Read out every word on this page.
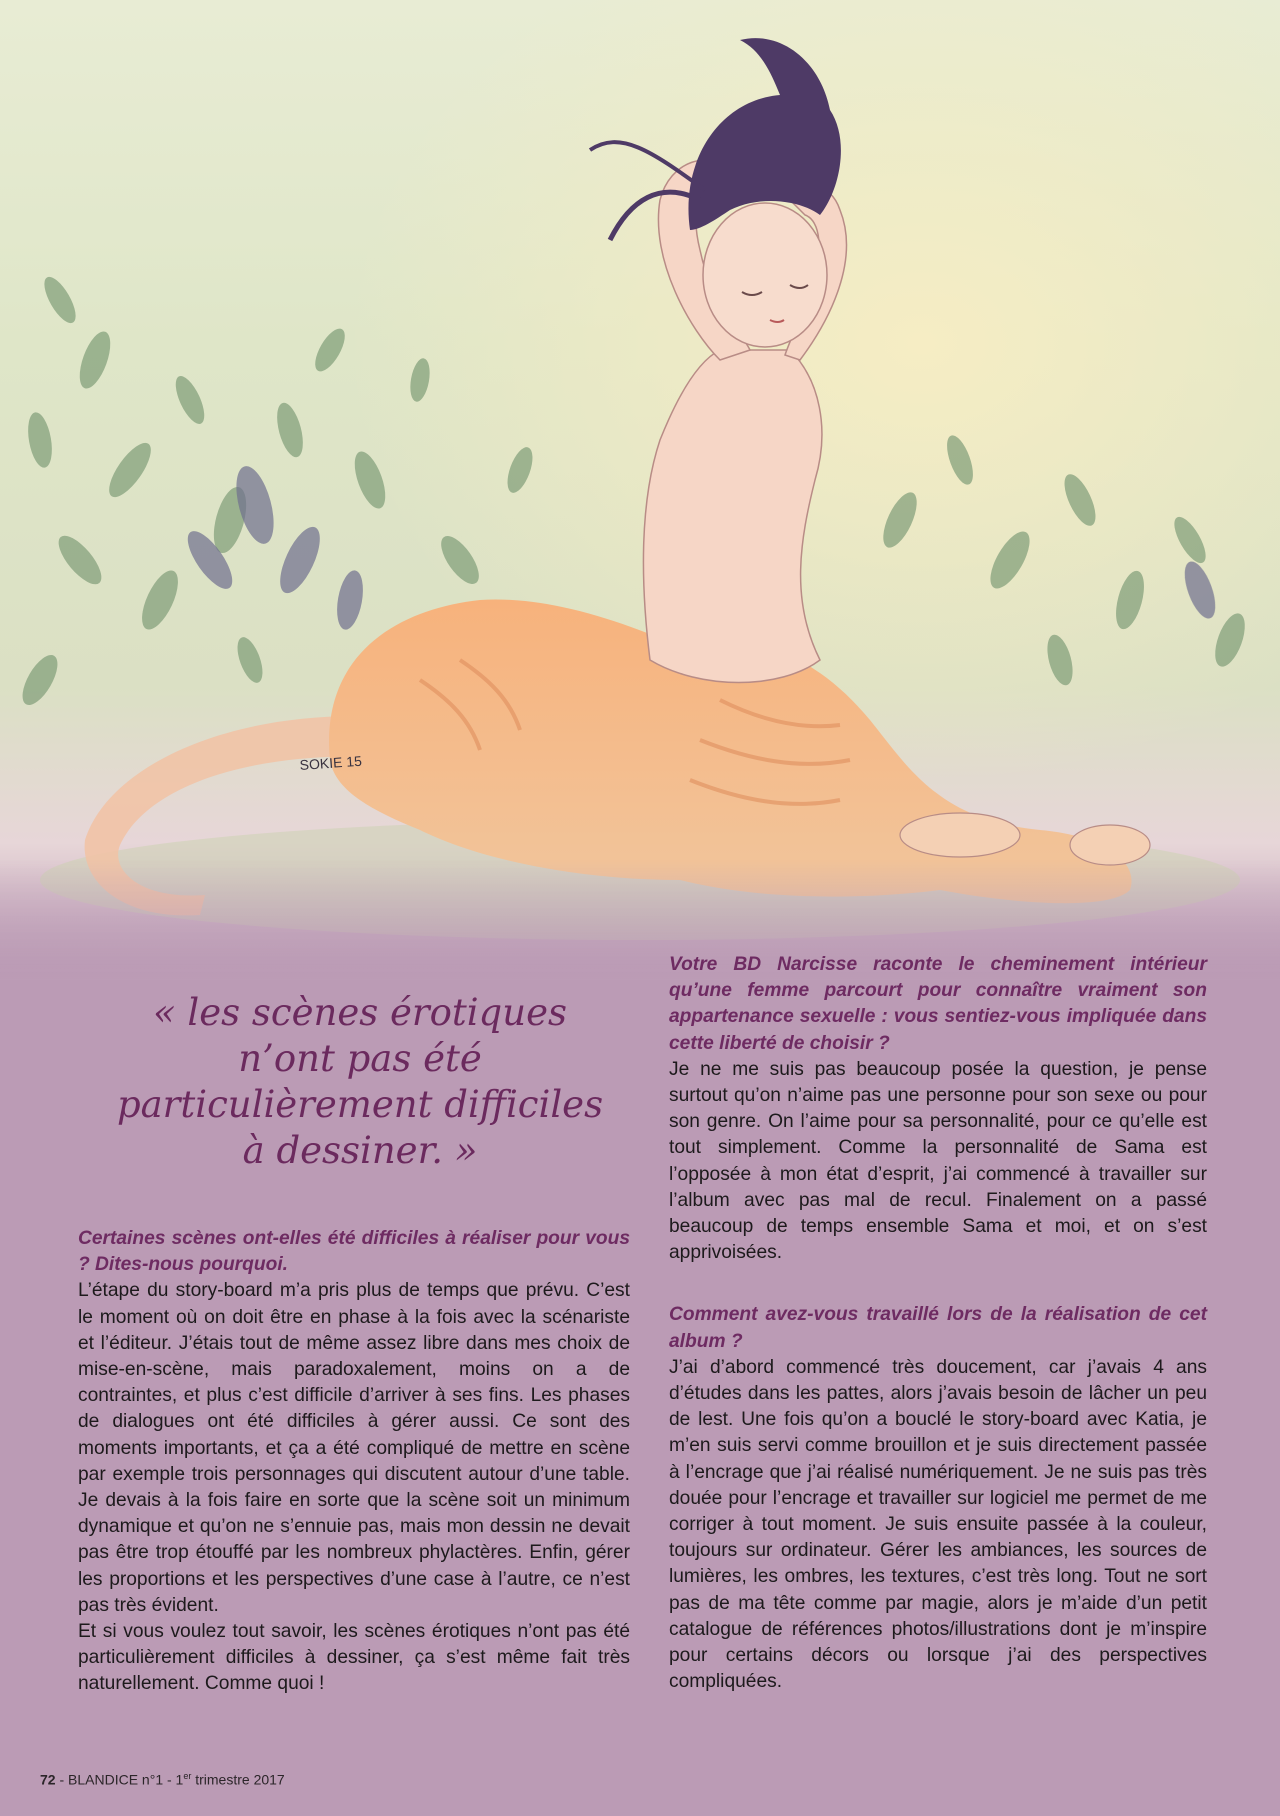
SOKIE 15
« les scènes érotiques n’ont pas été particulièrement difficiles à dessiner. »

Certaines scènes ont-elles été difficiles à réaliser pour vous ? Dites-nous pourquoi.

L’étape du story-board m’a pris plus de temps que prévu. C’est le moment où on doit être en phase à la fois avec la scénariste et l’éditeur. J’étais tout de même assez libre dans mes choix de mise-en-scène, mais paradoxalement, moins on a de contraintes, et plus c’est difficile d’arriver à ses fins. Les phases de dialogues ont été difficiles à gérer aussi. Ce sont des moments importants, et ça a été compliqué de mettre en scène par exemple trois personnages qui discutent autour d’une table. Je devais à la fois faire en sorte que la scène soit un minimum dynamique et qu’on ne s’ennuie pas, mais mon dessin ne devait pas être trop étouffé par les nombreux phylactères. Enfin, gérer les proportions et les perspectives d’une case à l’autre, ce n’est pas très évident.

Et si vous voulez tout savoir, les scènes érotiques n’ont pas été particulièrement difficiles à dessiner, ça s’est même fait très naturellement. Comme quoi !

Votre BD Narcisse raconte le cheminement intérieur qu’une femme parcourt pour connaître vraiment son appartenance sexuelle : vous sentiez-vous impliquée dans cette liberté de choisir ?

Je ne me suis pas beaucoup posée la question, je pense surtout qu’on n’aime pas une personne pour son sexe ou pour son genre. On l’aime pour sa personnalité, pour ce qu’elle est tout simplement. Comme la personnalité de Sama est l’opposée à mon état d’esprit, j’ai commencé à travailler sur l’album avec pas mal de recul. Finalement on a passé beaucoup de temps ensemble Sama et moi, et on s’est apprivoisées.

Comment avez-vous travaillé lors de la réalisation de cet album ?

J’ai d’abord commencé très doucement, car j’avais 4 ans d’études dans les pattes, alors j’avais besoin de lâcher un peu de lest. Une fois qu’on a bouclé le story-board avec Katia, je m’en suis servi comme brouillon et je suis directement passée à l’encrage que j’ai réalisé numériquement. Je ne suis pas très douée pour l’encrage et travailler sur logiciel me permet de me corriger à tout moment. Je suis ensuite passée à la couleur, toujours sur ordinateur. Gérer les ambiances, les sources de lumières, les ombres, les textures, c’est très long. Tout ne sort pas de ma tête comme par magie, alors je m’aide d’un petit catalogue de références photos/illustrations dont je m’inspire pour certains décors ou lorsque j’ai des perspectives compliquées.

72 - BLANDICE n°1 - 1er trimestre 2017
